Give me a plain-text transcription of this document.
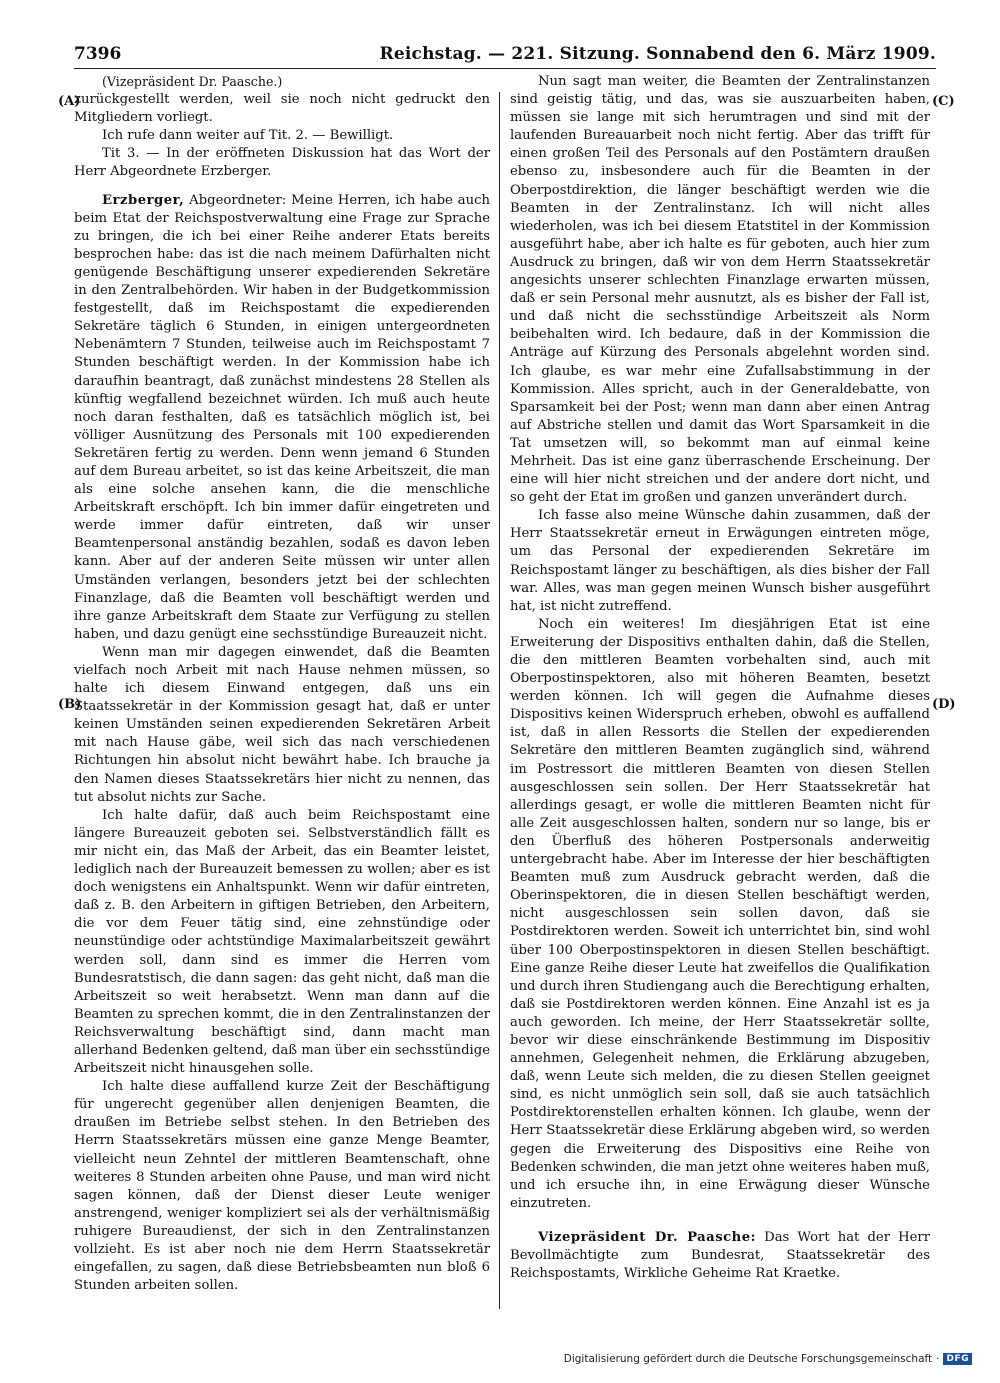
7396	Reichstag. — 221. Sitzung. Sonnabend den 6. März 1909.
(A)
(B)
(C)
(D)

(Vizepräsident Dr. Paasche.)

zurückgestellt werden, weil sie noch nicht gedruckt den Mitgliedern vorliegt.

Ich rufe dann weiter auf Tit. 2. — Bewilligt.

Tit 3. — In der eröffneten Diskussion hat das Wort der Herr Abgeordnete Erzberger.

Erzberger, Abgeordneter: Meine Herren, ich habe auch beim Etat der Reichspostverwaltung eine Frage zur Sprache zu bringen, die ich bei einer Reihe anderer Etats bereits besprochen habe: das ist die nach meinem Dafürhalten nicht genügende Beschäftigung unserer expedierenden Sekretäre in den Zentralbehörden. Wir haben in der Budgetkommission festgestellt, daß im Reichspostamt die expedierenden Sekretäre täglich 6 Stunden, in einigen untergeordneten Nebenämtern 7 Stunden, teilweise auch im Reichspostamt 7 Stunden beschäftigt werden. In der Kommission habe ich daraufhin beantragt, daß zunächst mindestens 28 Stellen als künftig wegfallend bezeichnet würden. Ich muß auch heute noch daran festhalten, daß es tatsächlich möglich ist, bei völliger Ausnützung des Personals mit 100 expedierenden Sekretären fertig zu werden. Denn wenn jemand 6 Stunden auf dem Bureau arbeitet, so ist das keine Arbeitszeit, die man als eine solche ansehen kann, die die menschliche Arbeitskraft erschöpft. Ich bin immer dafür eingetreten und werde immer dafür eintreten, daß wir unser Beamtenpersonal anständig bezahlen, sodaß es davon leben kann. Aber auf der anderen Seite müssen wir unter allen Umständen verlangen, besonders jetzt bei der schlechten Finanzlage, daß die Beamten voll beschäftigt werden und ihre ganze Arbeitskraft dem Staate zur Verfügung zu stellen haben, und dazu genügt eine sechsstündige Bureauzeit nicht.

Wenn man mir dagegen einwendet, daß die Beamten vielfach noch Arbeit mit nach Hause nehmen müssen, so halte ich diesem Einwand entgegen, daß uns ein Staatssekretär in der Kommission gesagt hat, daß er unter keinen Umständen seinen expedierenden Sekretären Arbeit mit nach Hause gäbe, weil sich das nach verschiedenen Richtungen hin absolut nicht bewährt habe. Ich brauche ja den Namen dieses Staatssekretärs hier nicht zu nennen, das tut absolut nichts zur Sache.

Ich halte dafür, daß auch beim Reichspostamt eine längere Bureauzeit geboten sei. Selbstverständlich fällt es mir nicht ein, das Maß der Arbeit, das ein Beamter leistet, lediglich nach der Bureauzeit bemessen zu wollen; aber es ist doch wenigstens ein Anhaltspunkt. Wenn wir dafür eintreten, daß z. B. den Arbeitern in giftigen Betrieben, den Arbeitern, die vor dem Feuer tätig sind, eine zehnstündige oder neunstündige oder achtstündige Maximalarbeitszeit gewährt werden soll, dann sind es immer die Herren vom Bundesratstisch, die dann sagen: das geht nicht, daß man die Arbeitszeit so weit herabsetzt. Wenn man dann auf die Beamten zu sprechen kommt, die in den Zentralinstanzen der Reichsverwaltung beschäftigt sind, dann macht man allerhand Bedenken geltend, daß man über ein sechsstündige Arbeitszeit nicht hinausgehen solle.

Ich halte diese auffallend kurze Zeit der Beschäftigung für ungerecht gegenüber allen denjenigen Beamten, die draußen im Betriebe selbst stehen. In den Betrieben des Herrn Staatssekretärs müssen eine ganze Menge Beamter, vielleicht neun Zehntel der mittleren Beamtenschaft, ohne weiteres 8 Stunden arbeiten ohne Pause, und man wird nicht sagen können, daß der Dienst dieser Leute weniger anstrengend, weniger kompliziert sei als der verhältnismäßig ruhigere Bureaudienst, der sich in den Zentralinstanzen vollzieht. Es ist aber noch nie dem Herrn Staatssekretär eingefallen, zu sagen, daß diese Betriebsbeamten nun bloß 6 Stunden arbeiten sollen.

Nun sagt man weiter, die Beamten der Zentralinstanzen sind geistig tätig, und das, was sie auszuarbeiten haben, müssen sie lange mit sich herumtragen und sind mit der laufenden Bureauarbeit noch nicht fertig. Aber das trifft für einen großen Teil des Personals auf den Postämtern draußen ebenso zu, insbesondere auch für die Beamten in der Oberpostdirektion, die länger beschäftigt werden wie die Beamten in der Zentralinstanz. Ich will nicht alles wiederholen, was ich bei diesem Etatstitel in der Kommission ausgeführt habe, aber ich halte es für geboten, auch hier zum Ausdruck zu bringen, daß wir von dem Herrn Staatssekretär angesichts unserer schlechten Finanzlage erwarten müssen, daß er sein Personal mehr ausnutzt, als es bisher der Fall ist, und daß nicht die sechsstündige Arbeitszeit als Norm beibehalten wird. Ich bedaure, daß in der Kommission die Anträge auf Kürzung des Personals abgelehnt worden sind. Ich glaube, es war mehr eine Zufallsabstimmung in der Kommission. Alles spricht, auch in der Generaldebatte, von Sparsamkeit bei der Post; wenn man dann aber einen Antrag auf Abstriche stellen und damit das Wort Sparsamkeit in die Tat umsetzen will, so bekommt man auf einmal keine Mehrheit. Das ist eine ganz überraschende Erscheinung. Der eine will hier nicht streichen und der andere dort nicht, und so geht der Etat im großen und ganzen unverändert durch.

Ich fasse also meine Wünsche dahin zusammen, daß der Herr Staatssekretär erneut in Erwägungen eintreten möge, um das Personal der expedierenden Sekretäre im Reichspostamt länger zu beschäftigen, als dies bisher der Fall war. Alles, was man gegen meinen Wunsch bisher ausgeführt hat, ist nicht zutreffend.

Noch ein weiteres! Im diesjährigen Etat ist eine Erweiterung der Dispositivs enthalten dahin, daß die Stellen, die den mittleren Beamten vorbehalten sind, auch mit Oberpostinspektoren, also mit höheren Beamten, besetzt werden können. Ich will gegen die Aufnahme dieses Dispositivs keinen Widerspruch erheben, obwohl es auffallend ist, daß in allen Ressorts die Stellen der expedierenden Sekretäre den mittleren Beamten zugänglich sind, während im Postressort die mittleren Beamten von diesen Stellen ausgeschlossen sein sollen. Der Herr Staatssekretär hat allerdings gesagt, er wolle die mittleren Beamten nicht für alle Zeit ausgeschlossen halten, sondern nur so lange, bis er den Überfluß des höheren Postpersonals anderweitig untergebracht habe. Aber im Interesse der hier beschäftigten Beamten muß zum Ausdruck gebracht werden, daß die Oberinspektoren, die in diesen Stellen beschäftigt werden, nicht ausgeschlossen sein sollen davon, daß sie Postdirektoren werden. Soweit ich unterrichtet bin, sind wohl über 100 Oberpostinspektoren in diesen Stellen beschäftigt. Eine ganze Reihe dieser Leute hat zweifellos die Qualifikation und durch ihren Studiengang auch die Berechtigung erhalten, daß sie Postdirektoren werden können. Eine Anzahl ist es ja auch geworden. Ich meine, der Herr Staatssekretär sollte, bevor wir diese einschränkende Bestimmung im Dispositiv annehmen, Gelegenheit nehmen, die Erklärung abzugeben, daß, wenn Leute sich melden, die zu diesen Stellen geeignet sind, es nicht unmöglich sein soll, daß sie auch tatsächlich Postdirektorenstellen erhalten können. Ich glaube, wenn der Herr Staatssekretär diese Erklärung abgeben wird, so werden gegen die Erweiterung des Dispositivs eine Reihe von Bedenken schwinden, die man jetzt ohne weiteres haben muß, und ich ersuche ihn, in eine Erwägung dieser Wünsche einzutreten.

Vizepräsident Dr. Paasche: Das Wort hat der Herr Bevollmächtigte zum Bundesrat, Staatssekretär des Reichspostamts, Wirkliche Geheime Rat Kraetke.

Digitalisierung gefördert durch die Deutsche Forschungsgemeinschaft · DFG
